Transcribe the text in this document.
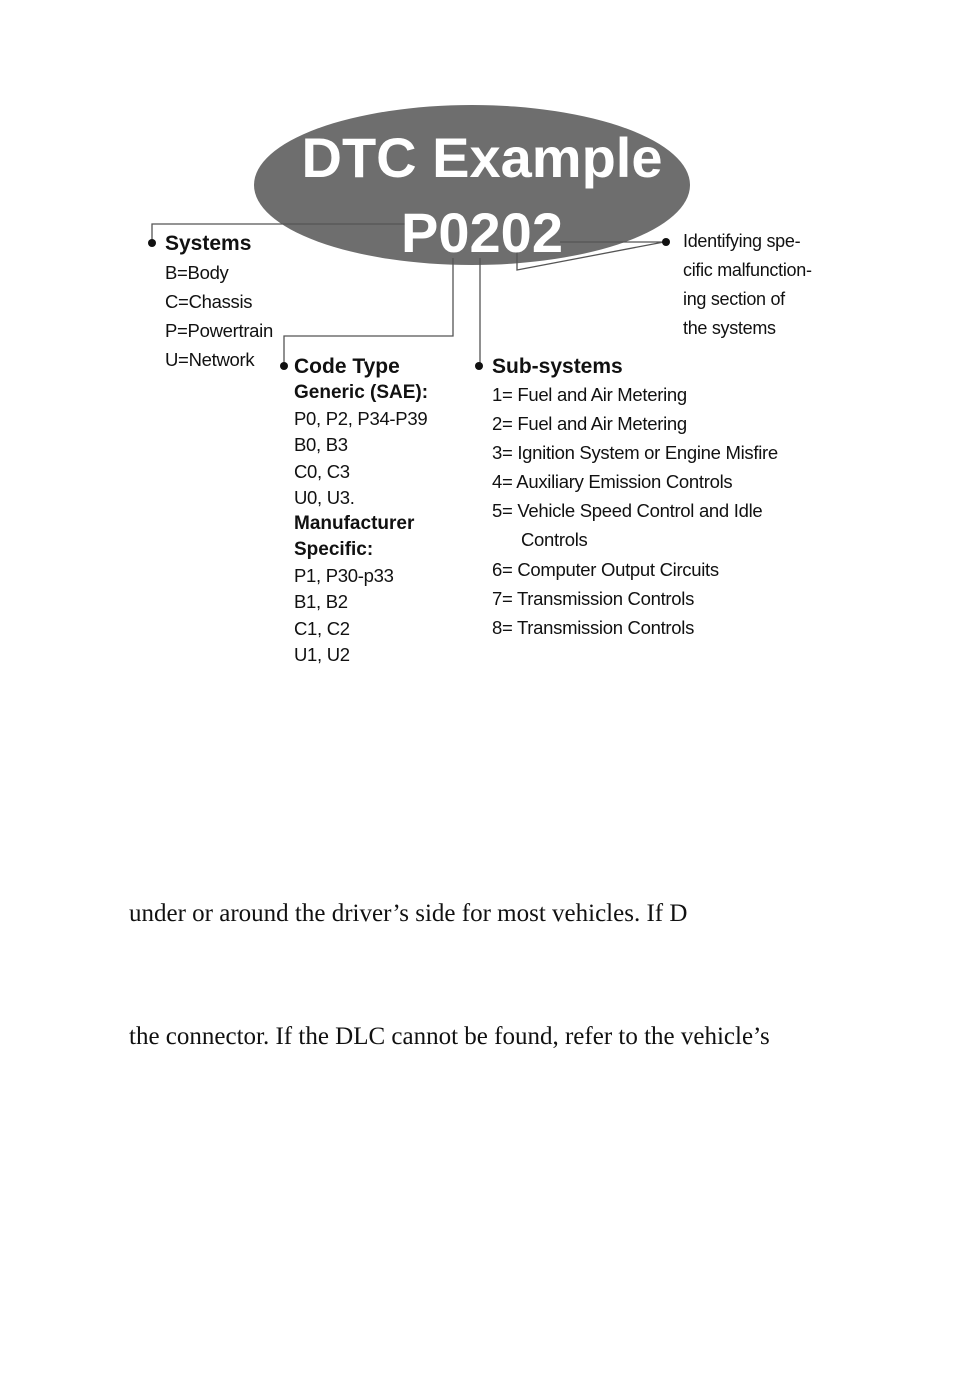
DTC Example
P0202
Systems
B=Body
C=Chassis
P=Powertrain
U=Network
Identifying spe-
cific malfunction-
ing section of
the systems
Code Type
Generic (SAE):
P0, P2, P34-P39
B0, B3
C0, C3
U0, U3.
Manufacturer
Specific:
P1, P30-p33
B1, B2
C1, C2
U1, U2
Sub-systems
1= Fuel and Air Metering
2= Fuel and Air Metering
3= Ignition System or Engine Misfire
4= Auxiliary Emission Controls
5= Vehicle Speed Control and Idle
Controls
6= Computer Output Circuits
7= Transmission Controls
8= Transmission Controls
under or around the driver’s side for most vehicles. If D
the connector. If the DLC cannot be found, refer to the vehicle’s
